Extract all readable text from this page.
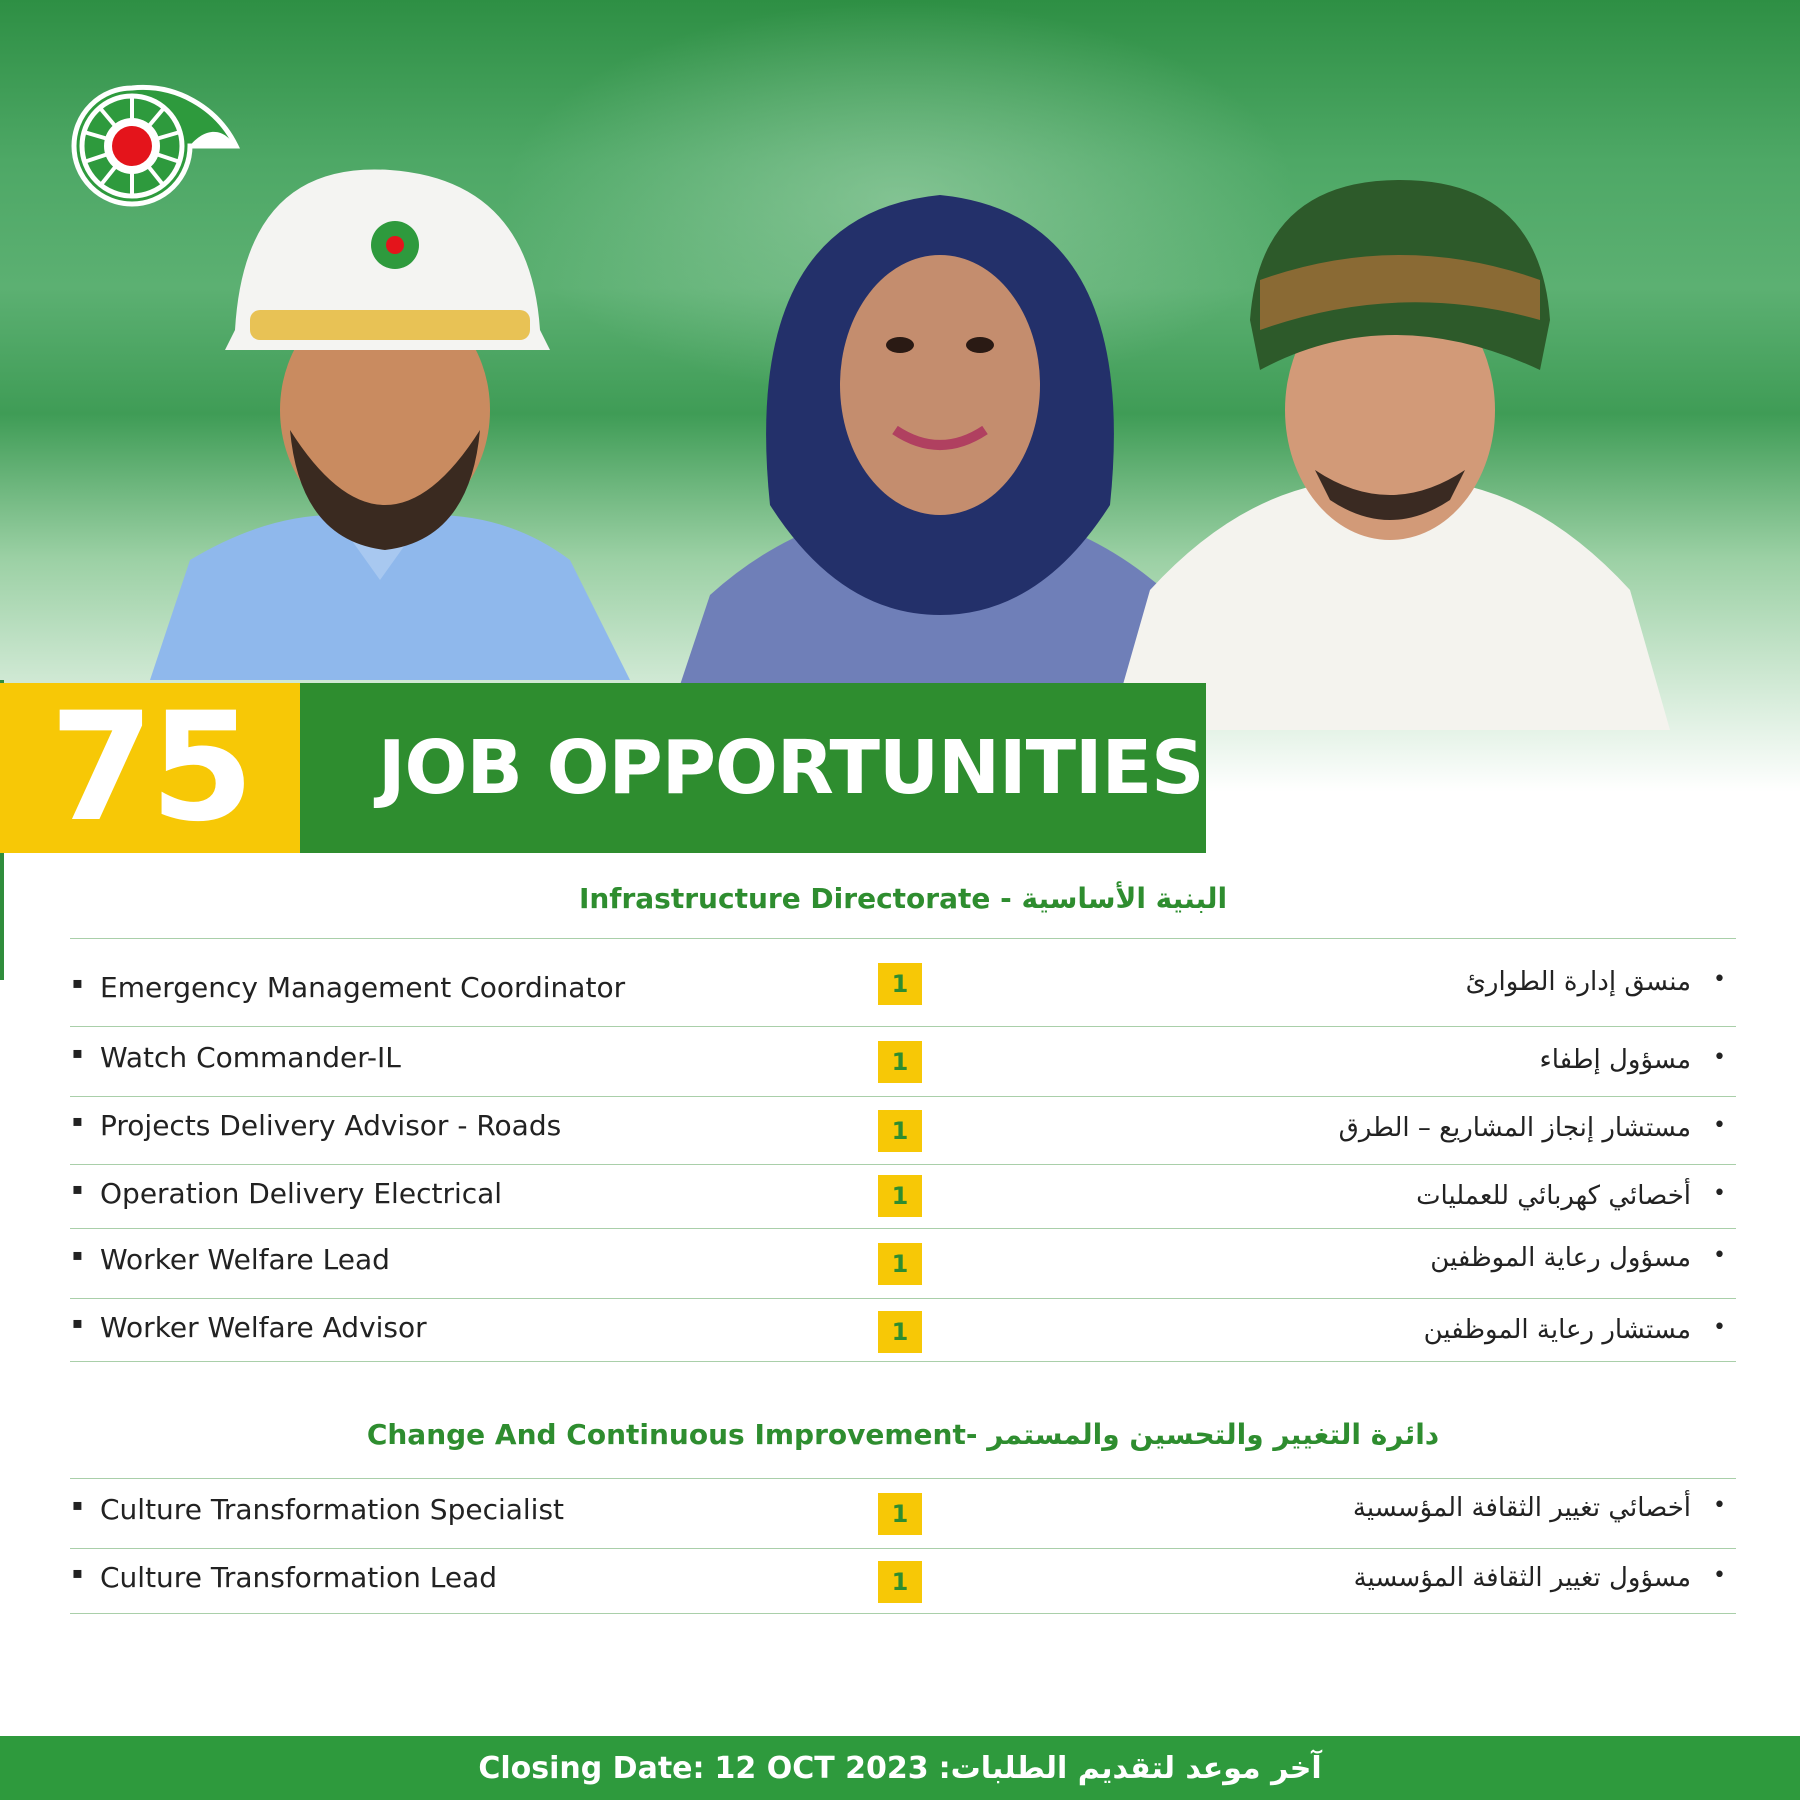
75	JOB OPPORTUNITIES
Infrastructure Directorate - البنية الأساسية
▪ Emergency Management Coordinator	1	منسق إدارة الطوارئ •
▪ Watch Commander-IL	1	مسؤول إطفاء •
▪ Projects Delivery Advisor - Roads	1	مستشار إنجاز المشاريع – الطرق •
▪ Operation Delivery Electrical	1	أخصائي كهربائي للعمليات •
▪ Worker Welfare Lead	1	مسؤول رعاية الموظفين •
▪ Worker Welfare Advisor	1	مستشار رعاية الموظفين •
Change And Continuous Improvement- دائرة التغيير والتحسين والمستمر
▪ Culture Transformation Specialist	1	أخصائي تغيير الثقافة المؤسسية •
▪ Culture Transformation Lead	1	مسؤول تغيير الثقافة المؤسسية •
Closing Date: 12 OCT 2023 آخر موعد لتقديم الطلبات:
